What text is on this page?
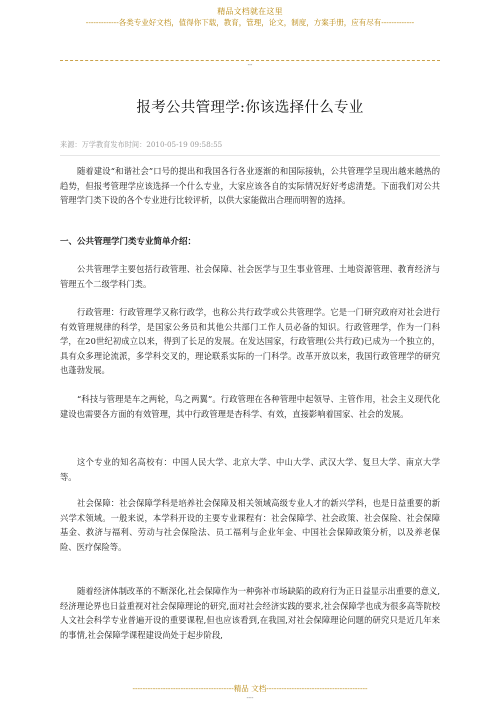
精品文档就在这里
-------------各类专业好文档，值得你下载，教育，管理，论文，制度，方案手册，应有尽有-------------
--
报考公共管理学:你该选择什么专业
来源：万学教育发布时间：2010-05-19 09:58:55

随着建设“和谐社会”口号的提出和我国各行各业逐渐的和国际接轨，公共管理学呈现出越来越热的趋势，但报考管理学应该选择一个什么专业，大家应该各自的实际情况好好考虑清楚。下面我们对公共管理学门类下设的各个专业进行比较评析，以供大家能做出合理而明智的选择。

一、公共管理学门类专业简单介绍：

公共管理学主要包括行政管理、社会保障、社会医学与卫生事业管理、土地资源管理、教育经济与管理五个二级学科门类。

行政管理：行政管理学又称行政学，也称公共行政学或公共管理学。它是一门研究政府对社会进行有效管理规律的科学，是国家公务员和其他公共部门工作人员必备的知识。行政管理学，作为一门科学，在20世纪初成立以来，得到了长足的发展。在发达国家，行政管理(公共行政)已成为一个独立的，具有众多理论流派，多学科交叉的，理论联系实际的一门科学。改革开放以来，我国行政管理学的研究也蓬勃发展。

“科技与管理是车之两轮，鸟之两翼”。行政管理在各种管理中起领导、主管作用，社会主义现代化建设也需要各方面的有效管理，其中行政管理是杏科学、有效，直接影响着国家、社会的发展。

这个专业的知名高校有：中国人民大学、北京大学、中山大学、武汉大学、复旦大学、南京大学等。

社会保障：社会保障学科是培养社会保障及相关领域高级专业人才的新兴学科，也是日益重要的新兴学术领域。一般来说，本学科开设的主要专业课程有：社会保障学、社会政策、社会保险、社会保障基金、救济与福利、劳动与社会保险法、员工福利与企业年金、中国社会保障政策分析，以及养老保险、医疗保险等。

随着经济体制改革的不断深化,社会保障作为一种弥补市场缺陷的政府行为正日益显示出重要的意义,经济理论界也日益重视对社会保障理论的研究,面对社会经济实践的要求,社会保障学也成为很多高等院校人文社会科学专业普遍开设的重要课程,但也应该看到,在我国,对社会保障理论问题的研究只是近几年来的事情,社会保障学课程建设尚处于起步阶段,

----------------------------------------精品 文档----------------------------------------
---
